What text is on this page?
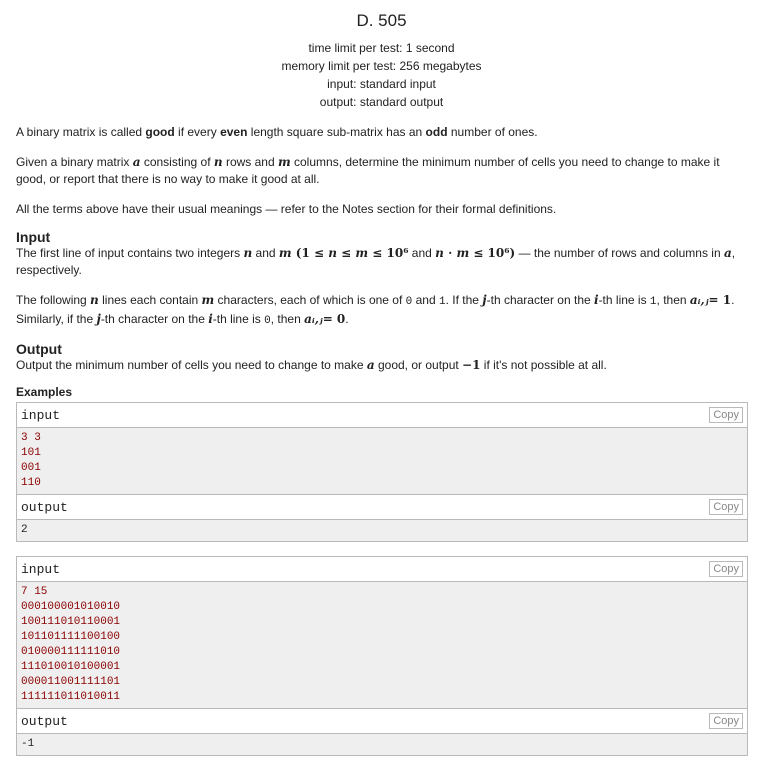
D. 505
time limit per test: 1 second
memory limit per test: 256 megabytes
input: standard input
output: standard output

A binary matrix is called good if every even length square sub-matrix has an odd number of ones.

Given a binary matrix a consisting of n rows and m columns, determine the minimum number of cells you need to change to make it good, or report that there is no way to make it good at all.

All the terms above have their usual meanings — refer to the Notes section for their formal definitions.

Input

The first line of input contains two integers n and m (1 ≤ n ≤ m ≤ 10⁶ and n · m ≤ 10⁶) — the number of rows and columns in a, respectively.

The following n lines each contain m characters, each of which is one of 0 and 1. If the j-th character on the i-th line is 1, then aᵢ,ⱼ= 1. Similarly, if the j-th character on the i-th line is 0, then aᵢ,ⱼ= 0.

Output

Output the minimum number of cells you need to change to make a good, or output −1 if it's not possible at all.

Examples
input	Copy
3 3
101
001
110
output	Copy
2
input	Copy
7 15
000100001010010
100111010110001
101101111100100
010000111111010
111010010100001
000011001111101
111111011010011
output	Copy
-1
